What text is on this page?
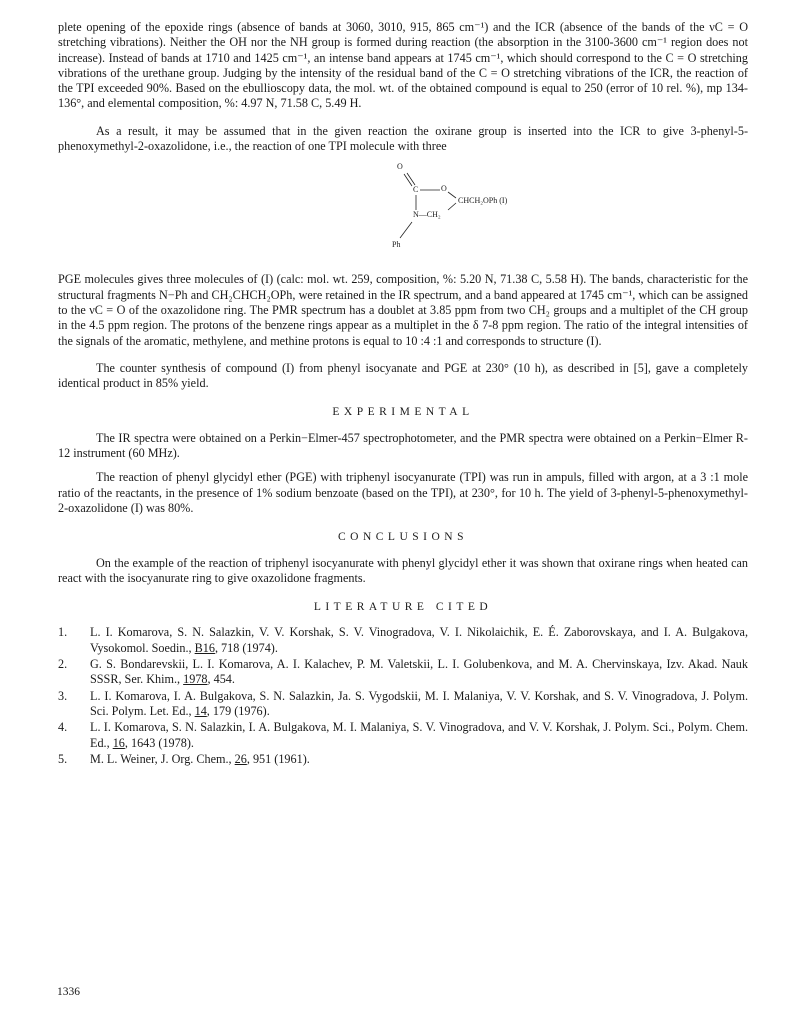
plete opening of the epoxide rings (absence of bands at 3060, 3010, 915, 865 cm⁻¹) and the ICR (absence of the bands of the νC = O stretching vibrations). Neither the OH nor the NH group is formed during reaction (the absorption in the 3100-3600 cm⁻¹ region does not increase). Instead of bands at 1710 and 1425 cm⁻¹, an intense band appears at 1745 cm⁻¹, which should correspond to the C = O stretching vibrations of the urethane group. Judging by the intensity of the residual band of the C = O stretching vibrations of the ICR, the reaction of the TPI exceeded 90%. Based on the ebullioscopy data, the mol. wt. of the obtained compound is equal to 250 (error of 10 rel. %), mp 134-136°, and elemental composition, %: 4.97 N, 71.58 C, 5.49 H.

As a result, it may be assumed that in the given reaction the oxirane group is inserted into the ICR to give 3-phenyl-5-phenoxymethyl-2-oxazolidone, i.e., the reaction of one TPI molecule with three

O
C	O
N—CH₂
CHCH₂OPh (I)
Ph

PGE molecules gives three molecules of (I) (calc: mol. wt. 259, composition, %: 5.20 N, 71.38 C, 5.58 H). The bands, characteristic for the structural fragments N−Ph and CH₂CHCH₂OPh, were retained in the IR spectrum, and a band appeared at 1745 cm⁻¹, which can be assigned to the νC = O of the oxazolidone ring. The PMR spectrum has a doublet at 3.85 ppm from two CH₂ groups and a multiplet of the CH group in the 4.5 ppm region. The protons of the benzene rings appear as a multiplet in the δ 7-8 ppm region. The ratio of the integral intensities of the signals of the aromatic, methylene, and methine protons is equal to 10 :4 :1 and corresponds to structure (I).

The counter synthesis of compound (I) from phenyl isocyanate and PGE at 230° (10 h), as described in [5], gave a completely identical product in 85% yield.

EXPERIMENTAL

The IR spectra were obtained on a Perkin−Elmer-457 spectrophotometer, and the PMR spectra were obtained on a Perkin−Elmer R-12 instrument (60 MHz).

The reaction of phenyl glycidyl ether (PGE) with triphenyl isocyanurate (TPI) was run in ampuls, filled with argon, at a 3 :1 mole ratio of the reactants, in the presence of 1% sodium benzoate (based on the TPI), at 230°, for 10 h. The yield of 3-phenyl-5-phenoxymethyl-2-oxazolidone (I) was 80%.

CONCLUSIONS

On the example of the reaction of triphenyl isocyanurate with phenyl glycidyl ether it was shown that oxirane rings when heated can react with the isocyanurate ring to give oxazolidone fragments.

LITERATURE CITED
1.	L. I. Komarova, S. N. Salazkin, V. V. Korshak, S. V. Vinogradova, V. I. Nikolaichik, E. É. Zaborovskaya, and I. A. Bulgakova, Vysokomol. Soedin., B16, 718 (1974).
2.	G. S. Bondarevskii, L. I. Komarova, A. I. Kalachev, P. M. Valetskii, L. I. Golubenkova, and M. A. Chervinskaya, Izv. Akad. Nauk SSSR, Ser. Khim., 1978, 454.
3.	L. I. Komarova, I. A. Bulgakova, S. N. Salazkin, Ja. S. Vygodskii, M. I. Malaniya, V. V. Korshak, and S. V. Vinogradova, J. Polym. Sci. Polym. Let. Ed., 14, 179 (1976).
4.	L. I. Komarova, S. N. Salazkin, I. A. Bulgakova, M. I. Malaniya, S. V. Vinogradova, and V. V. Korshak, J. Polym. Sci., Polym. Chem. Ed., 16, 1643 (1978).
5.	M. L. Weiner, J. Org. Chem., 26, 951 (1961).
1336
